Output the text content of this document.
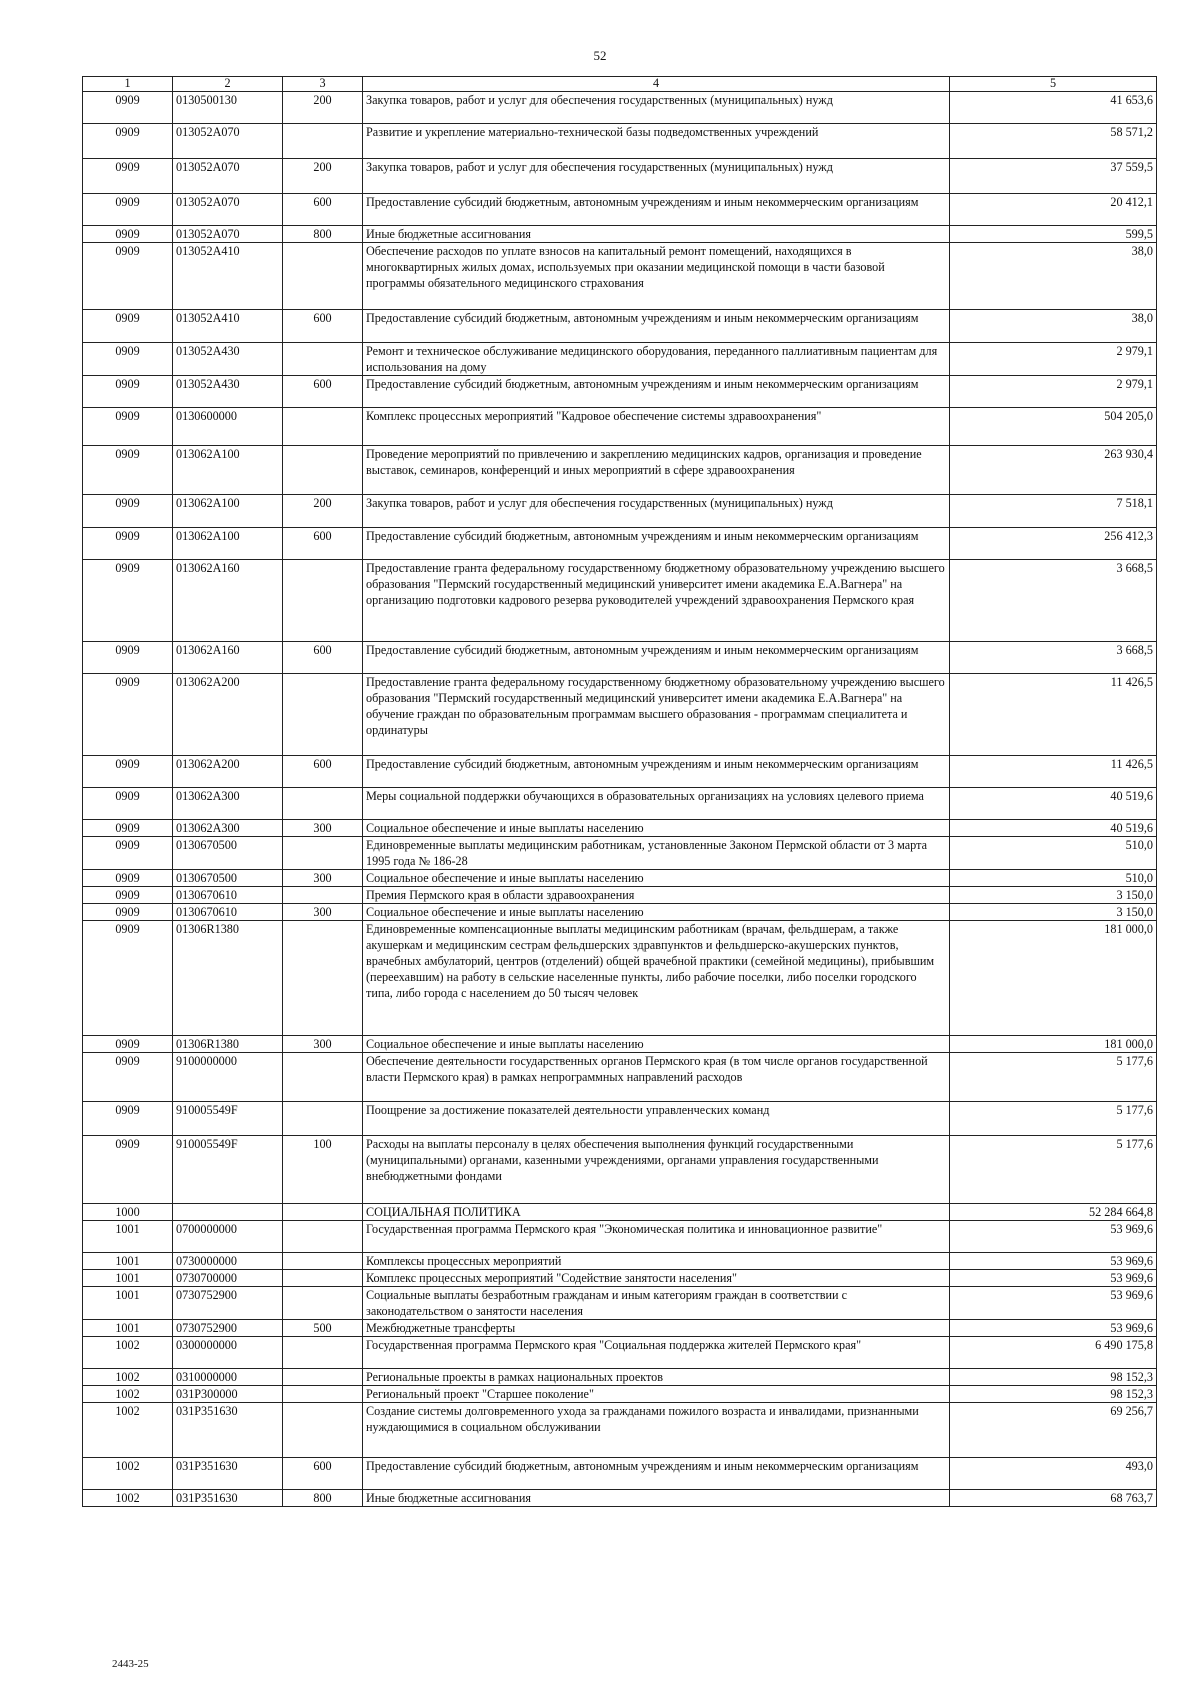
52
1	2	3	4	5
0909	0130500130	200	Закупка товаров, работ и услуг для обеспечения государственных (муниципальных) нужд	41 653,6
0909	013052А070		Развитие и укрепление материально-технической базы подведомственных учреждений	58 571,2
0909	013052А070	200	Закупка товаров, работ и услуг для обеспечения государственных (муниципальных) нужд	37 559,5
0909	013052А070	600	Предоставление субсидий бюджетным, автономным учреждениям и иным некоммерческим организациям	20 412,1
0909	013052А070	800	Иные бюджетные ассигнования	599,5
0909	013052А410		Обеспечение расходов по уплате взносов на капитальный ремонт помещений, находящихся в многоквартирных жилых домах, используемых при оказании медицинской помощи в части базовой программы обязательного медицинского страхования	38,0
0909	013052А410	600	Предоставление субсидий бюджетным, автономным учреждениям и иным некоммерческим организациям	38,0
0909	013052А430		Ремонт и техническое обслуживание медицинского оборудования, переданного паллиативным пациентам для использования на дому	2 979,1
0909	013052А430	600	Предоставление субсидий бюджетным, автономным учреждениям и иным некоммерческим организациям	2 979,1
0909	0130600000		Комплекс процессных мероприятий "Кадровое обеспечение системы здравоохранения"	504 205,0
0909	013062А100		Проведение мероприятий по привлечению и закреплению медицинских кадров, организация и проведение выставок, семинаров, конференций и иных мероприятий в сфере здравоохранения	263 930,4
0909	013062А100	200	Закупка товаров, работ и услуг для обеспечения государственных (муниципальных) нужд	7 518,1
0909	013062А100	600	Предоставление субсидий бюджетным, автономным учреждениям и иным некоммерческим организациям	256 412,3
0909	013062А160		Предоставление гранта федеральному государственному бюджетному образовательному учреждению высшего образования "Пермский государственный медицинский университет имени академика Е.А.Вагнера" на организацию подготовки кадрового резерва руководителей учреждений здравоохранения Пермского края	3 668,5
0909	013062А160	600	Предоставление субсидий бюджетным, автономным учреждениям и иным некоммерческим организациям	3 668,5
0909	013062А200		Предоставление гранта федеральному государственному бюджетному образовательному учреждению высшего образования "Пермский государственный медицинский университет имени академика Е.А.Вагнера" на обучение граждан по образовательным программам высшего образования - программам специалитета и ординатуры	11 426,5
0909	013062А200	600	Предоставление субсидий бюджетным, автономным учреждениям и иным некоммерческим организациям	11 426,5
0909	013062А300		Меры социальной поддержки обучающихся в образовательных организациях на условиях целевого приема	40 519,6
0909	013062А300	300	Социальное обеспечение и иные выплаты населению	40 519,6
0909	0130670500		Единовременные выплаты медицинским работникам, установленные Законом Пермской области от 3 марта 1995 года № 186-28	510,0
0909	0130670500	300	Социальное обеспечение и иные выплаты населению	510,0
0909	0130670610		Премия Пермского края в области здравоохранения	3 150,0
0909	0130670610	300	Социальное обеспечение и иные выплаты населению	3 150,0
0909	01306R1380		Единовременные компенсационные выплаты медицинским работникам (врачам, фельдшерам, а также акушеркам и медицинским сестрам фельдшерских здравпунктов и фельдшерско-акушерских пунктов, врачебных амбулаторий, центров (отделений) общей врачебной практики (семейной медицины), прибывшим (переехавшим) на работу в сельские населенные пункты, либо рабочие поселки, либо поселки городского типа, либо города с населением до 50 тысяч человек	181 000,0
0909	01306R1380	300	Социальное обеспечение и иные выплаты населению	181 000,0
0909	9100000000		Обеспечение деятельности государственных органов Пермского края (в том числе органов государственной власти Пермского края) в рамках непрограммных направлений расходов	5 177,6
0909	910005549F		Поощрение за достижение показателей деятельности управленческих команд	5 177,6
0909	910005549F	100	Расходы на выплаты персоналу в целях обеспечения выполнения функций государственными (муниципальными) органами, казенными учреждениями, органами управления государственными внебюджетными фондами	5 177,6
1000			СОЦИАЛЬНАЯ ПОЛИТИКА	52 284 664,8
1001	0700000000		Государственная программа Пермского края "Экономическая политика и инновационное развитие"	53 969,6
1001	0730000000		Комплексы процессных мероприятий	53 969,6
1001	0730700000		Комплекс процессных мероприятий "Содействие занятости населения"	53 969,6
1001	0730752900		Социальные выплаты безработным гражданам и иным категориям граждан в соответствии с законодательством о занятости населения	53 969,6
1001	0730752900	500	Межбюджетные трансферты	53 969,6
1002	0300000000		Государственная программа Пермского края "Социальная поддержка жителей Пермского края"	6 490 175,8
1002	0310000000		Региональные проекты в рамках национальных проектов	98 152,3
1002	031Р300000		Региональный проект "Старшее поколение"	98 152,3
1002	031Р351630		Создание системы долговременного ухода за гражданами пожилого возраста и инвалидами, признанными нуждающимися в социальном обслуживании	69 256,7
1002	031Р351630	600	Предоставление субсидий бюджетным, автономным учреждениям и иным некоммерческим организациям	493,0
1002	031Р351630	800	Иные бюджетные ассигнования	68 763,7
2443-25
